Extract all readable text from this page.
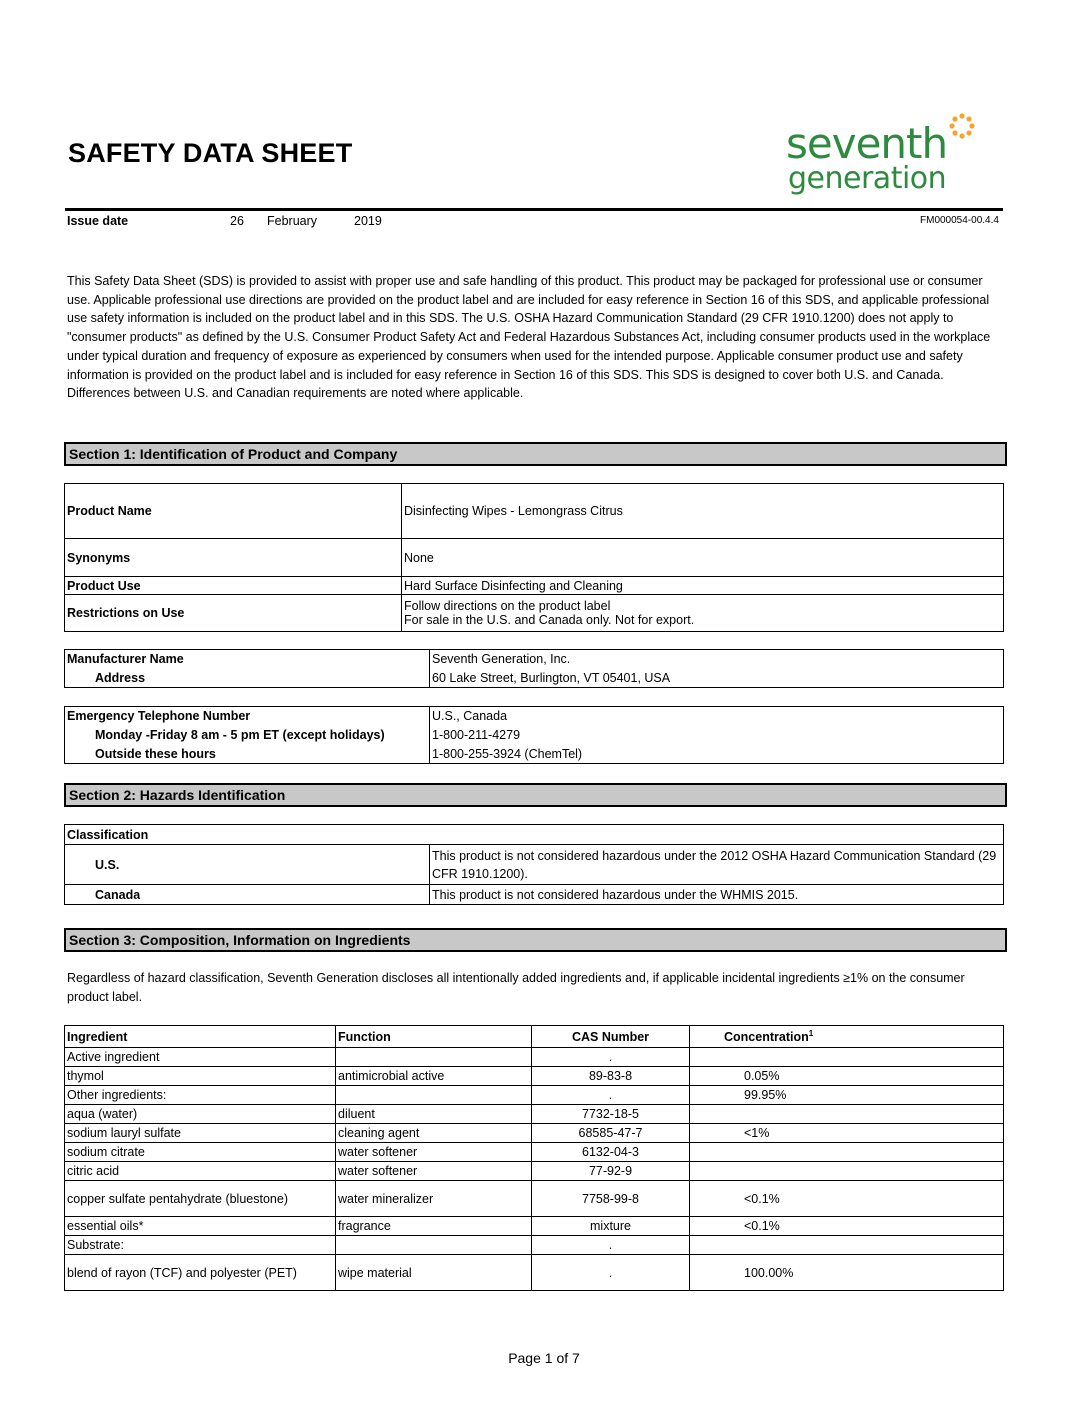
SAFETY DATA SHEET	seventh
generation
Issue date	26 February	2019	FM000054-00.4.4
This Safety Data Sheet (SDS) is provided to assist with proper use and safe handling of this product. This product may be packaged for professional use or consumer use. Applicable professional use directions are provided on the product label and are included for easy reference in Section 16 of this SDS, and applicable professional use safety information is included on the product label and in this SDS. The U.S. OSHA Hazard Communication Standard (29 CFR 1910.1200) does not apply to "consumer products" as defined by the U.S. Consumer Product Safety Act and Federal Hazardous Substances Act, including consumer products used in the workplace under typical duration and frequency of exposure as experienced by consumers when used for the intended purpose. Applicable consumer product use and safety information is provided on the product label and is included for easy reference in Section 16 of this SDS. This SDS is designed to cover both U.S. and Canada. Differences between U.S. and Canadian requirements are noted where applicable.
Section 1: Identification of Product and Company
Product Name	Disinfecting Wipes - Lemongrass Citrus
Synonyms	None
Product Use	Hard Surface Disinfecting and Cleaning
Restrictions on Use	Follow directions on the product label
For sale in the U.S. and Canada only. Not for export.
Manufacturer Name	Seventh Generation, Inc.
Address	60 Lake Street, Burlington, VT 05401, USA
Emergency Telephone Number	U.S., Canada
Monday -Friday 8 am - 5 pm ET (except holidays)	1-800-211-4279
Outside these hours	1-800-255-3924 (ChemTel)
Section 2: Hazards Identification
Classification	
U.S.	This product is not considered hazardous under the 2012 OSHA Hazard Communication Standard (29 CFR 1910.1200).
Canada	This product is not considered hazardous under the WHMIS 2015.
Section 3: Composition, Information on Ingredients
Regardless of hazard classification, Seventh Generation discloses all intentionally added ingredients and, if applicable incidental ingredients ≥1% on the consumer product label.
Ingredient	Function	CAS Number	Concentration$^1$
Active ingredient		.	
thymol	antimicrobial active	89-83-8	0.05%
Other ingredients:		.	99.95%
aqua (water)	diluent	7732-18-5	
sodium lauryl sulfate	cleaning agent	68585-47-7	<1%
sodium citrate	water softener	6132-04-3	
citric acid	water softener	77-92-9	
copper sulfate pentahydrate (bluestone)	water mineralizer	7758-99-8	<0.1%
essential oils*	fragrance	mixture	<0.1%
Substrate:		.	
blend of rayon (TCF) and polyester (PET)	wipe material	.	100.00%
Page 1 of 7
